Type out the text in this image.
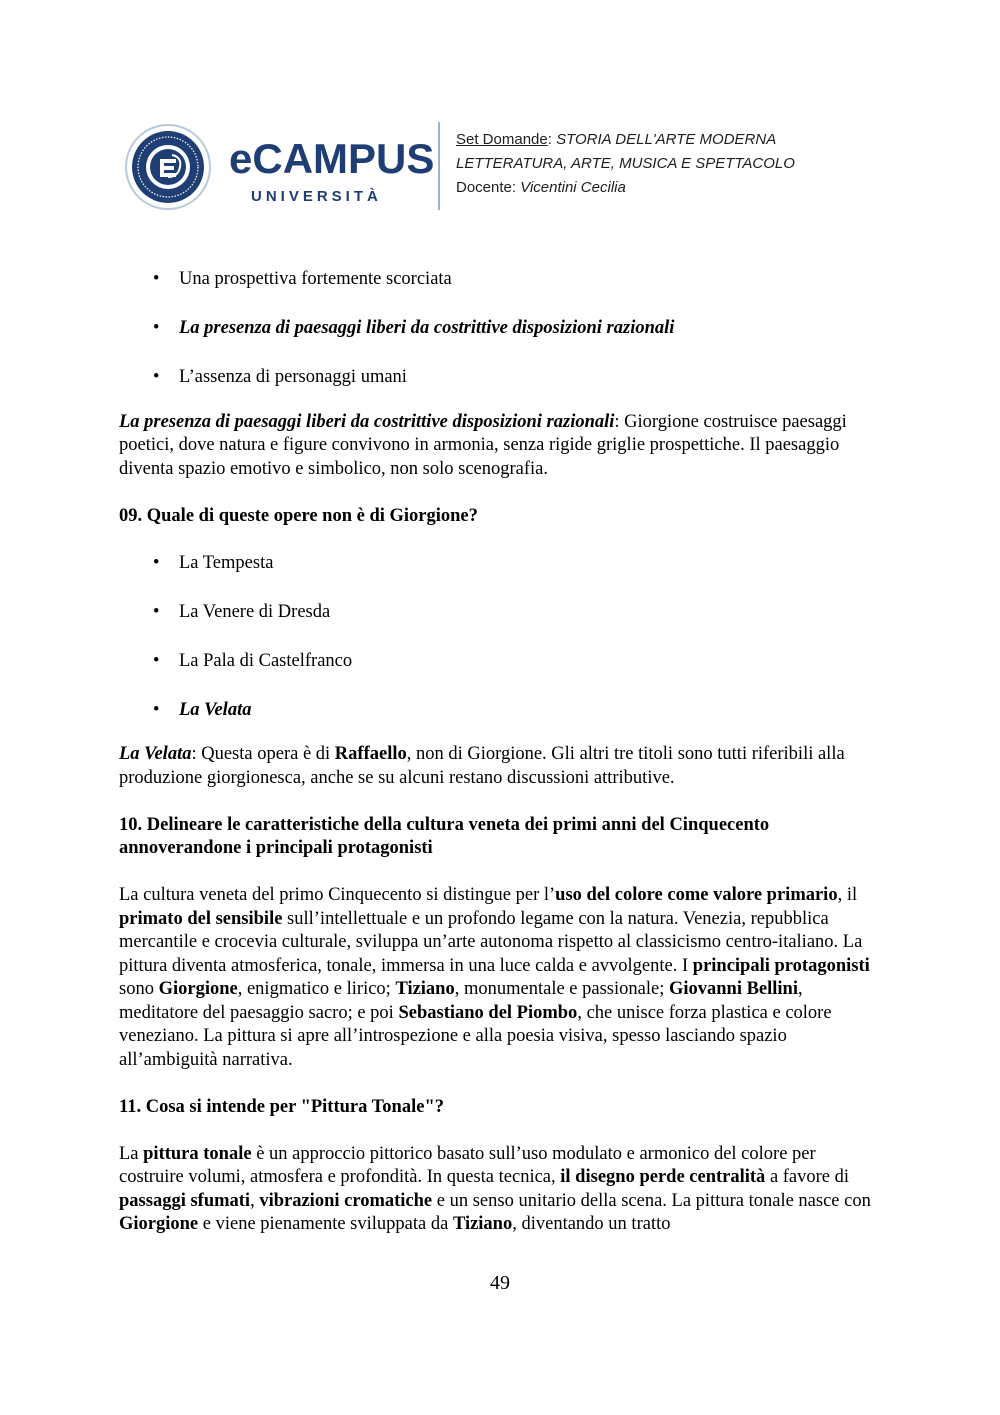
eCAMPUS
UNIVERSITÀ
Set Domande: STORIA DELL'ARTE MODERNA
LETTERATURA, ARTE, MUSICA E SPETTACOLO
Docente: Vicentini Cecilia
• Una prospettiva fortemente scorciata
• La presenza di paesaggi liberi da costrittive disposizioni razionali
• L’assenza di personaggi umani

La presenza di paesaggi liberi da costrittive disposizioni razionali: Giorgione costruisce paesaggi poetici, dove natura e figure convivono in armonia, senza rigide griglie prospettiche. Il paesaggio diventa spazio emotivo e simbolico, non solo scenografia.

09. Quale di queste opere non è di Giorgione?

• La Tempesta
• La Venere di Dresda
• La Pala di Castelfranco
• La Velata

La Velata: Questa opera è di Raffaello, non di Giorgione. Gli altri tre titoli sono tutti riferibili alla produzione giorgionesca, anche se su alcuni restano discussioni attributive.

10. Delineare le caratteristiche della cultura veneta dei primi anni del Cinquecento annoverandone i principali protagonisti

La cultura veneta del primo Cinquecento si distingue per l’uso del colore come valore primario, il primato del sensibile sull’intellettuale e un profondo legame con la natura. Venezia, repubblica mercantile e crocevia culturale, sviluppa un’arte autonoma rispetto al classicismo centro-italiano. La pittura diventa atmosferica, tonale, immersa in una luce calda e avvolgente. I principali protagonisti sono Giorgione, enigmatico e lirico; Tiziano, monumentale e passionale; Giovanni Bellini, meditatore del paesaggio sacro; e poi Sebastiano del Piombo, che unisce forza plastica e colore veneziano. La pittura si apre all’introspezione e alla poesia visiva, spesso lasciando spazio all’ambiguità narrativa.

11. Cosa si intende per "Pittura Tonale"?

La pittura tonale è un approccio pittorico basato sull’uso modulato e armonico del colore per costruire volumi, atmosfera e profondità. In questa tecnica, il disegno perde centralità a favore di passaggi sfumati, vibrazioni cromatiche e un senso unitario della scena. La pittura tonale nasce con Giorgione e viene pienamente sviluppata da Tiziano, diventando un tratto

49
